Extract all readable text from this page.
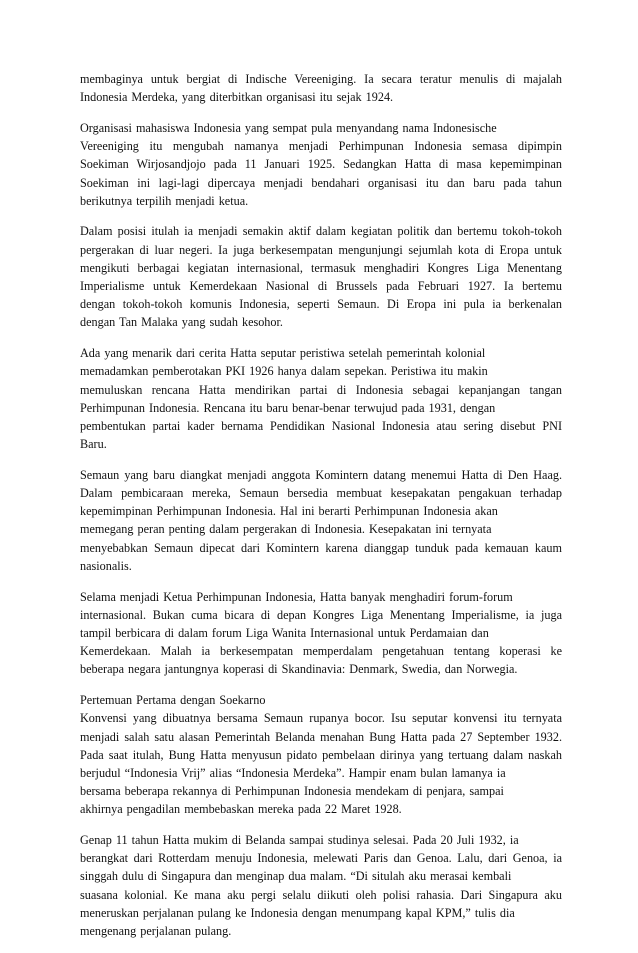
membaginya untuk bergiat di Indische Vereeniging. Ia secara teratur menulis di majalah
Indonesia Merdeka, yang diterbitkan organisasi itu sejak 1924.
Organisasi mahasiswa Indonesia yang sempat pula menyandang nama Indonesische
Vereeniging itu mengubah namanya menjadi Perhimpunan Indonesia semasa dipimpin
Soekiman Wirjosandjojo pada 11 Januari 1925. Sedangkan Hatta di masa kepemimpinan
Soekiman ini lagi-lagi dipercaya menjadi bendahari organisasi itu dan baru pada tahun
berikutnya terpilih menjadi ketua.
Dalam posisi itulah ia menjadi semakin aktif dalam kegiatan politik dan bertemu tokoh-tokoh
pergerakan di luar negeri. Ia juga berkesempatan mengunjungi sejumlah kota di Eropa untuk
mengikuti berbagai kegiatan internasional, termasuk menghadiri Kongres Liga Menentang
Imperialisme untuk Kemerdekaan Nasional di Brussels pada Februari 1927. Ia bertemu
dengan tokoh-tokoh komunis Indonesia, seperti Semaun. Di Eropa ini pula ia berkenalan
dengan Tan Malaka yang sudah kesohor.
Ada yang menarik dari cerita Hatta seputar peristiwa setelah pemerintah kolonial
memadamkan pemberotakan PKI 1926 hanya dalam sepekan. Peristiwa itu makin
memuluskan rencana Hatta mendirikan partai di Indonesia sebagai kepanjangan tangan
Perhimpunan Indonesia. Rencana itu baru benar-benar terwujud pada 1931, dengan
pembentukan partai kader bernama Pendidikan Nasional Indonesia atau sering disebut PNI
Baru.
Semaun yang baru diangkat menjadi anggota Komintern datang menemui Hatta di Den Haag.
Dalam pembicaraan mereka, Semaun bersedia membuat kesepakatan pengakuan terhadap
kepemimpinan Perhimpunan Indonesia. Hal ini berarti Perhimpunan Indonesia akan
memegang peran penting dalam pergerakan di Indonesia. Kesepakatan ini ternyata
menyebabkan Semaun dipecat dari Komintern karena dianggap tunduk pada kemauan kaum
nasionalis.
Selama menjadi Ketua Perhimpunan Indonesia, Hatta banyak menghadiri forum-forum
internasional. Bukan cuma bicara di depan Kongres Liga Menentang Imperialisme, ia juga
tampil berbicara di dalam forum Liga Wanita Internasional untuk Perdamaian dan
Kemerdekaan. Malah ia berkesempatan memperdalam pengetahuan tentang koperasi ke
beberapa negara jantungnya koperasi di Skandinavia: Denmark, Swedia, dan Norwegia.
Pertemuan Pertama dengan Soekarno
Konvensi yang dibuatnya bersama Semaun rupanya bocor. Isu seputar konvensi itu ternyata
menjadi salah satu alasan Pemerintah Belanda menahan Bung Hatta pada 27 September 1932.
Pada saat itulah, Bung Hatta menyusun pidato pembelaan dirinya yang tertuang dalam naskah
berjudul “Indonesia Vrij” alias “Indonesia Merdeka”. Hampir enam bulan lamanya ia
bersama beberapa rekannya di Perhimpunan Indonesia mendekam di penjara, sampai
akhirnya pengadilan membebaskan mereka pada 22 Maret 1928.
Genap 11 tahun Hatta mukim di Belanda sampai studinya selesai. Pada 20 Juli 1932, ia
berangkat dari Rotterdam menuju Indonesia, melewati Paris dan Genoa. Lalu, dari Genoa, ia
singgah dulu di Singapura dan menginap dua malam. “Di situlah aku merasai kembali
suasana kolonial. Ke mana aku pergi selalu diikuti oleh polisi rahasia. Dari Singapura aku
meneruskan perjalanan pulang ke Indonesia dengan menumpang kapal KPM,” tulis dia
mengenang perjalanan pulang.
